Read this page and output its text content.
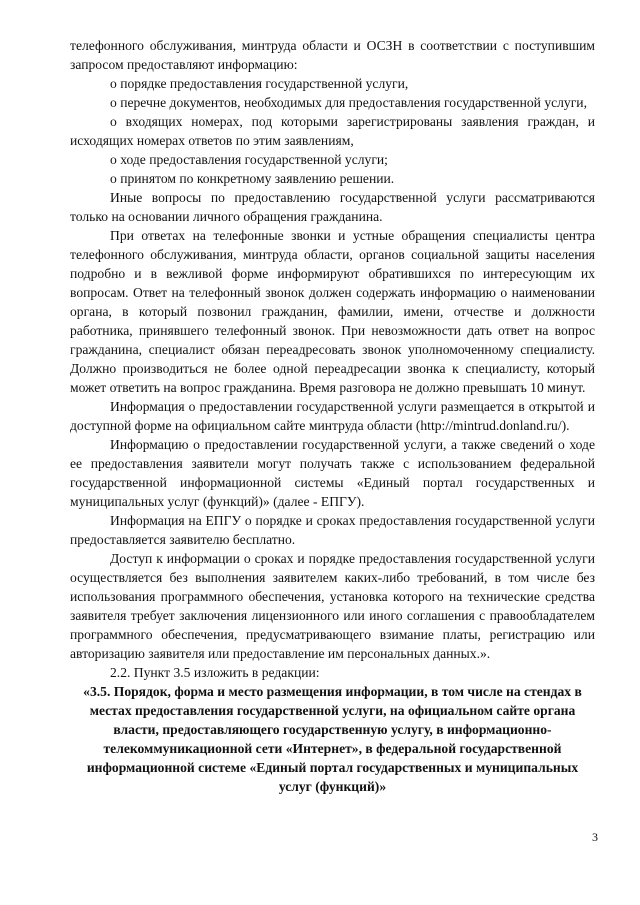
телефонного обслуживания, минтруда области и ОСЗН в соответствии с поступившим запросом предоставляют информацию:

о порядке предоставления государственной услуги,

о перечне документов, необходимых для предоставления государственной услуги,

о входящих номерах, под которыми зарегистрированы заявления граждан, и исходящих номерах ответов по этим заявлениям,

о ходе предоставления государственной услуги;

о принятом по конкретному заявлению решении.

Иные вопросы по предоставлению государственной услуги рассматриваются только на основании личного обращения гражданина.

При ответах на телефонные звонки и устные обращения специалисты центра телефонного обслуживания, минтруда области, органов социальной защиты населения подробно и в вежливой форме информируют обратившихся по интересующим их вопросам. Ответ на телефонный звонок должен содержать информацию о наименовании органа, в который позвонил гражданин, фамилии, имени, отчестве и должности работника, принявшего телефонный звонок. При невозможности дать ответ на вопрос гражданина, специалист обязан переадресовать звонок уполномоченному специалисту. Должно производиться не более одной переадресации звонка к специалисту, который может ответить на вопрос гражданина. Время разговора не должно превышать 10 минут.

Информация о предоставлении государственной услуги размещается в открытой и доступной форме на официальном сайте минтруда области (http://mintrud.donland.ru/).

Информацию о предоставлении государственной услуги, а также сведений о ходе ее предоставления заявители могут получать также с использованием федеральной государственной информационной системы «Единый портал государственных и муниципальных услуг (функций)» (далее - ЕПГУ).

Информация на ЕПГУ о порядке и сроках предоставления государственной услуги предоставляется заявителю бесплатно.

Доступ к информации о сроках и порядке предоставления государственной услуги осуществляется без выполнения заявителем каких-либо требований, в том числе без использования программного обеспечения, установка которого на технические средства заявителя требует заключения лицензионного или иного соглашения с правообладателем программного обеспечения, предусматривающего взимание платы, регистрацию или авторизацию заявителя или предоставление им персональных данных.».

2.2. Пункт 3.5 изложить в редакции:

«3.5. Порядок, форма и место размещения информации, в том числе на стендах в местах предоставления государственной услуги, на официальном сайте органа власти, предоставляющего государственную услугу, в информационно-телекоммуникационной сети «Интернет», в федеральной государственной информационной системе «Единый портал государственных и муниципальных услуг (функций)»

3
